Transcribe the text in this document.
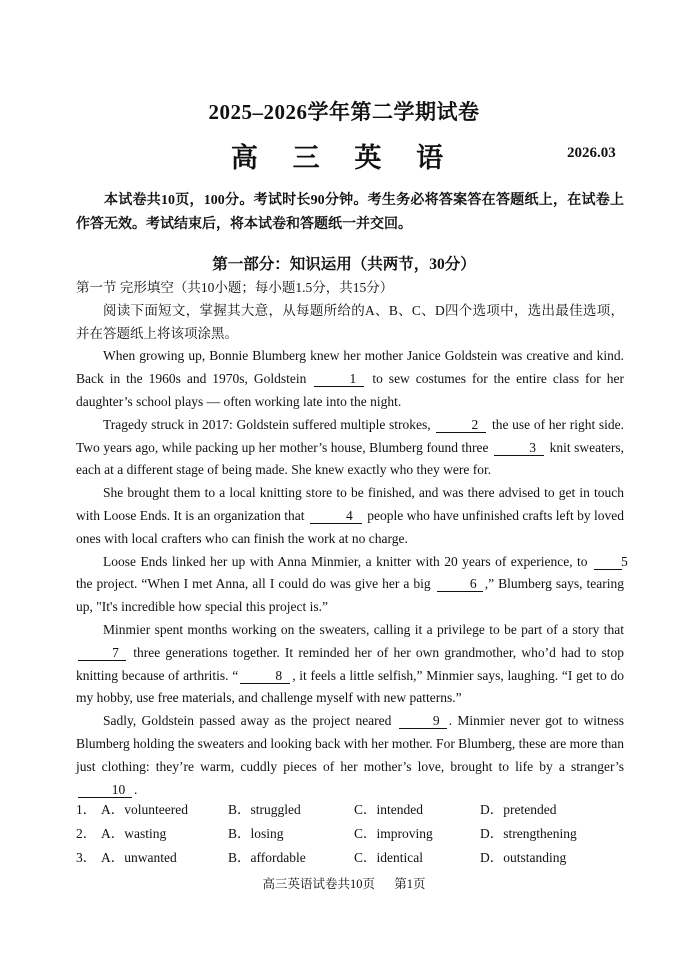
2025–2026学年第二学期试卷
高 三 英 语	2026.03
本试卷共10页，100分。考试时长90分钟。考生务必将答案答在答题纸上，在试卷上作答无效。考试结束后，将本试卷和答题纸一并交回。
第一部分：知识运用（共两节，30分）

第一节 完形填空（共10小题；每小题1.5分，共15分）

阅读下面短文，掌握其大意，从每题所给的A、B、C、D四个选项中，选出最佳选项，并在答题纸上将该项涂黑。

When growing up, Bonnie Blumberg knew her mother Janice Goldstein was creative and kind. Back in the 1960s and 1970s, Goldstein	1 to sew costumes for the entire class for her daughter’s school plays — often working late into the night.

Tragedy struck in 2017: Goldstein suffered multiple strokes,	2 the use of her right side. Two years ago, while packing up her mother’s house, Blumberg found three	3 knit sweaters, each at a different stage of being made. She knew exactly who they were for.

She brought them to a local knitting store to be finished, and was there advised to get in touch with Loose Ends. It is an organization that	4 people who have unfinished crafts left by loved ones with local crafters who can finish the work at no charge.

Loose Ends linked her up with Anna Minmier, a knitter with 20 years of experience, to 5 the project. “When I met Anna, all I could do was give her a big	6 ,” Blumberg says, tearing up, "It's incredible how special this project is.”

Minmier spent months working on the sweaters, calling it a privilege to be part of a story that 7 three generations together. It reminded her of her own grandmother, who’d had to stop knitting because of arthritis. “	8 , it feels a little selfish,” Minmier says, laughing. “I get to do my hobby, use free materials, and challenge myself with new patterns.”

Sadly, Goldstein passed away as the project neared	9 . Minmier never got to witness Blumberg holding the sweaters and looking back with her mother. For Blumberg, these are more than just clothing: they’re warm, cuddly pieces of her mother’s love, brought to life by a stranger’s 10 .

1． A．volunteered	B．struggled	C．intended	D．pretended
2． A．wasting	B．losing	C．improving	D．strengthening
3． A．unwanted	B．affordable	C．identical	D．outstanding
高三英语试卷共10页 第1页
